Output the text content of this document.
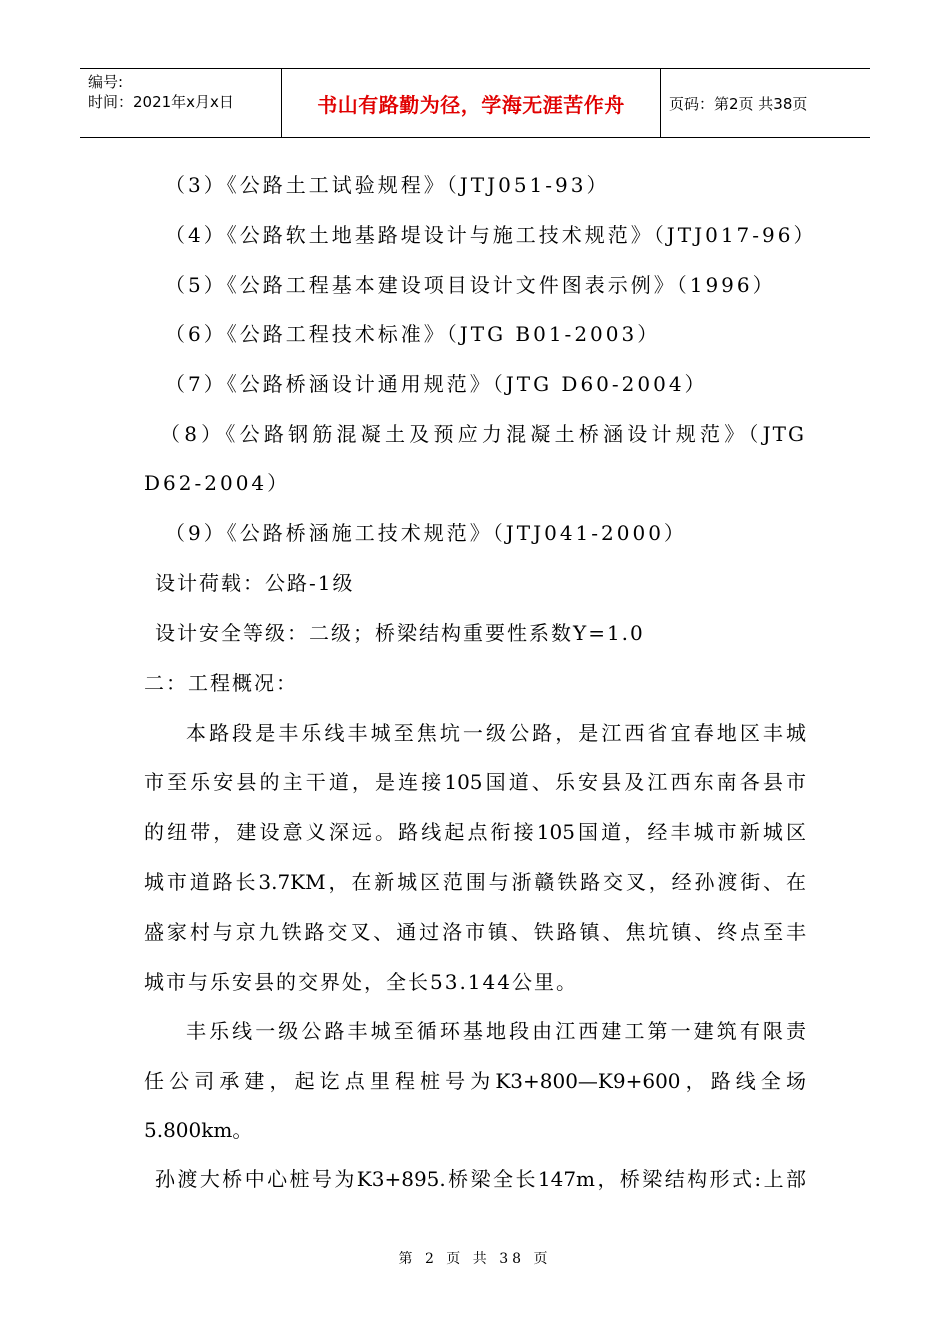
编号:
时间：2021年x月x日	书山有路勤为径，学海无涯苦作舟	页码：第2页 共38页
（3）《公路土工试验规程》（JTJ051-93）
（4）《公路软土地基路堤设计与施工技术规范》（JTJ017-96）
（5）《公路工程基本建设项目设计文件图表示例》（1996）
（6）《公路工程技术标准》（JTG B01-2003）
（7）《公路桥涵设计通用规范》（JTG D60-2004）
（8）《公路钢筋混凝土及预应力混凝土桥涵设计规范》（JTG
D62-2004）
（9）《公路桥涵施工技术规范》（JTJ041-2000）
设计荷载：公路-1级
设计安全等级：二级；桥梁结构重要性系数Y=1.0
二：工程概况：
本路段是丰乐线丰城至焦坑一级公路，是江西省宜春地区丰城
市至乐安县的主干道，是连接105国道、乐安县及江西东南各县市
的纽带，建设意义深远。路线起点衔接105国道，经丰城市新城区
城市道路长3.7KM，在新城区范围与浙赣铁路交叉，经孙渡街、在
盛家村与京九铁路交叉、通过洛市镇、铁路镇、焦坑镇、终点至丰
城市与乐安县的交界处，全长53.144公里。
丰乐线一级公路丰城至循环基地段由江西建工第一建筑有限责
任公司承建，起讫点里程桩号为K3+800—K9+600，路线全场
5.800km。
孙渡大桥中心桩号为K3+895.桥梁全长147m，桥梁结构形式:上部
第 2 页 共 38 页
